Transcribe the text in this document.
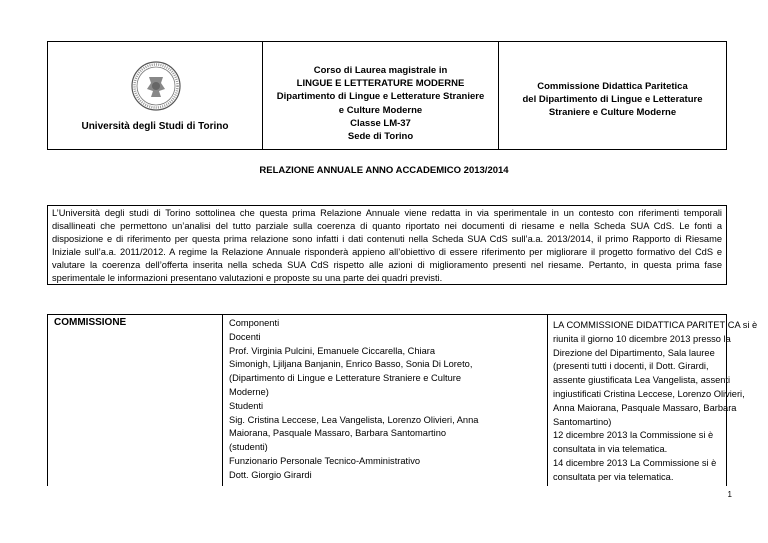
Università degli Studi di Torino
Corso di Laurea magistrale in
LINGUE E LETTERATURE MODERNE
Dipartimento di Lingue e Letterature Straniere
e Culture Moderne
Classe LM-37
Sede di Torino
Commissione Didattica Paritetica
del Dipartimento di Lingue e Letterature
Straniere e Culture Moderne
RELAZIONE ANNUALE ANNO ACCADEMICO 2013/2014
L’Università degli studi di Torino sottolinea che questa prima Relazione Annuale viene redatta in via sperimentale in un contesto con riferimenti temporali disallineati che permettono un’analisi del tutto parziale sulla coerenza di quanto riportato nei documenti di riesame e nella Scheda SUA CdS. Le fonti a disposizione e di riferimento per questa prima relazione sono infatti i dati contenuti nella Scheda SUA CdS sull’a.a. 2013/2014, il primo Rapporto di Riesame Iniziale sull’a.a. 2011/2012. A regime la Relazione Annuale risponderà appieno all’obiettivo di essere riferimento per migliorare il progetto formativo del CdS e valutare la coerenza dell’offerta inserita nella scheda SUA CdS rispetto alle azioni di miglioramento presenti nel riesame. Pertanto, in questa prima fase sperimentale le informazioni presentano valutazioni e proposte su una parte dei quadri previsti.
COMMISSIONE	Componenti
Docenti
Prof. Virginia Pulcini, Emanuele Ciccarella, Chiara
Simonigh, Ljiljana Banjanin, Enrico Basso, Sonia Di Loreto,
(Dipartimento di Lingue e Letterature Straniere e Culture
Moderne)
Studenti
Sig. Cristina Leccese, Lea Vangelista, Lorenzo Olivieri, Anna
Maiorana, Pasquale Massaro, Barbara Santomartino
(studenti)
Funzionario Personale Tecnico-Amministrativo
Dott. Giorgio Girardi
LA COMMISSIONE DIDATTICA PARITETICA si è
riunita il giorno 10 dicembre 2013 presso la
Direzione del Dipartimento, Sala lauree
(presenti tutti i docenti, il Dott. Girardi,
assente giustificata Lea Vangelista, assenti
ingiustificati Cristina Leccese, Lorenzo Olivieri,
Anna Maiorana, Pasquale Massaro, Barbara
Santomartino)
12 dicembre 2013 la Commissione si è
consultata in via telematica.
14 dicembre 2013 La Commissione si è
consultata per via telematica.
1
